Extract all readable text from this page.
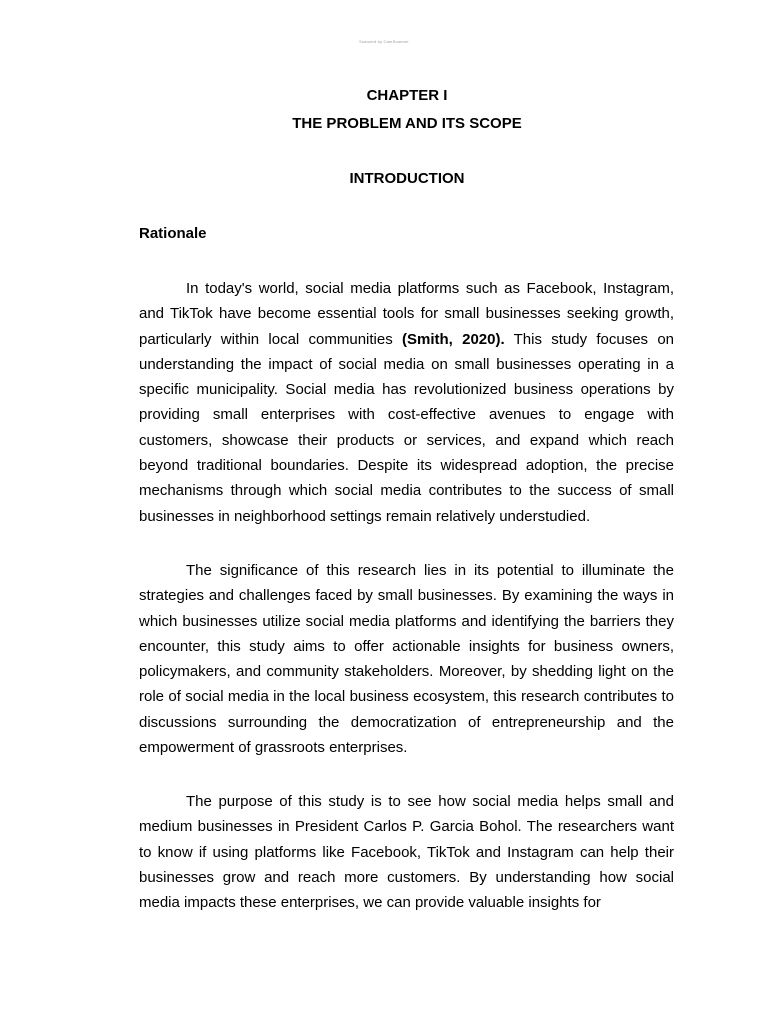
Scanned by CamScanner
CHAPTER I
THE PROBLEM AND ITS SCOPE
INTRODUCTION
Rationale

In today's world, social media platforms such as Facebook, Instagram, and TikTok have become essential tools for small businesses seeking growth, particularly within local communities (Smith, 2020). This study focuses on understanding the impact of social media on small businesses operating in a specific municipality. Social media has revolutionized business operations by providing small enterprises with cost-effective avenues to engage with customers, showcase their products or services, and expand which reach beyond traditional boundaries. Despite its widespread adoption, the precise mechanisms through which social media contributes to the success of small businesses in neighborhood settings remain relatively understudied.

The significance of this research lies in its potential to illuminate the strategies and challenges faced by small businesses. By examining the ways in which businesses utilize social media platforms and identifying the barriers they encounter, this study aims to offer actionable insights for business owners, policymakers, and community stakeholders. Moreover, by shedding light on the role of social media in the local business ecosystem, this research contributes to discussions surrounding the democratization of entrepreneurship and the empowerment of grassroots enterprises.

The purpose of this study is to see how social media helps small and medium businesses in President Carlos P. Garcia Bohol. The researchers want to know if using platforms like Facebook, TikTok and Instagram can help their businesses grow and reach more customers. By understanding how social media impacts these enterprises, we can provide valuable insights for
